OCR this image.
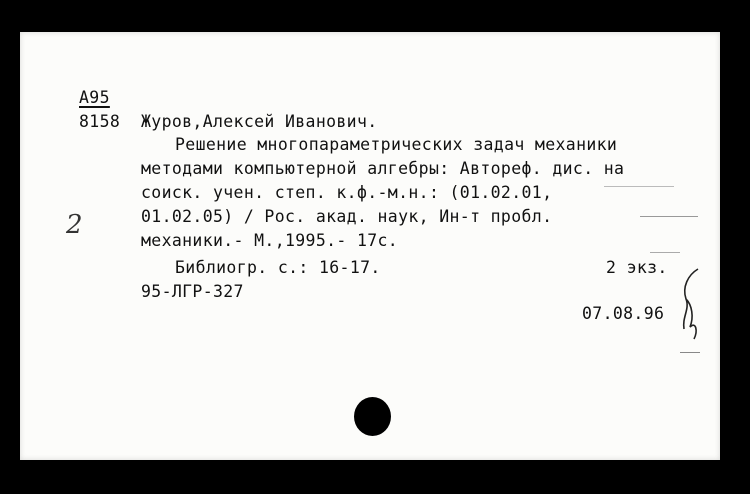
А95
8158 Журов,Алексей Иванович.
Решение многопараметрических задач механики
методами компьютерной алгебры: Автореф. дис. на
соиск. учен. степ. к.ф.-м.н.: (01.02.01,
01.02.05) / Рос. акад. наук, Ин-т пробл.
механики.- М.,1995.- 17с.
Библиогр. с.: 16-17.	2 экз.
95-ЛГР-327
07.08.96
2
